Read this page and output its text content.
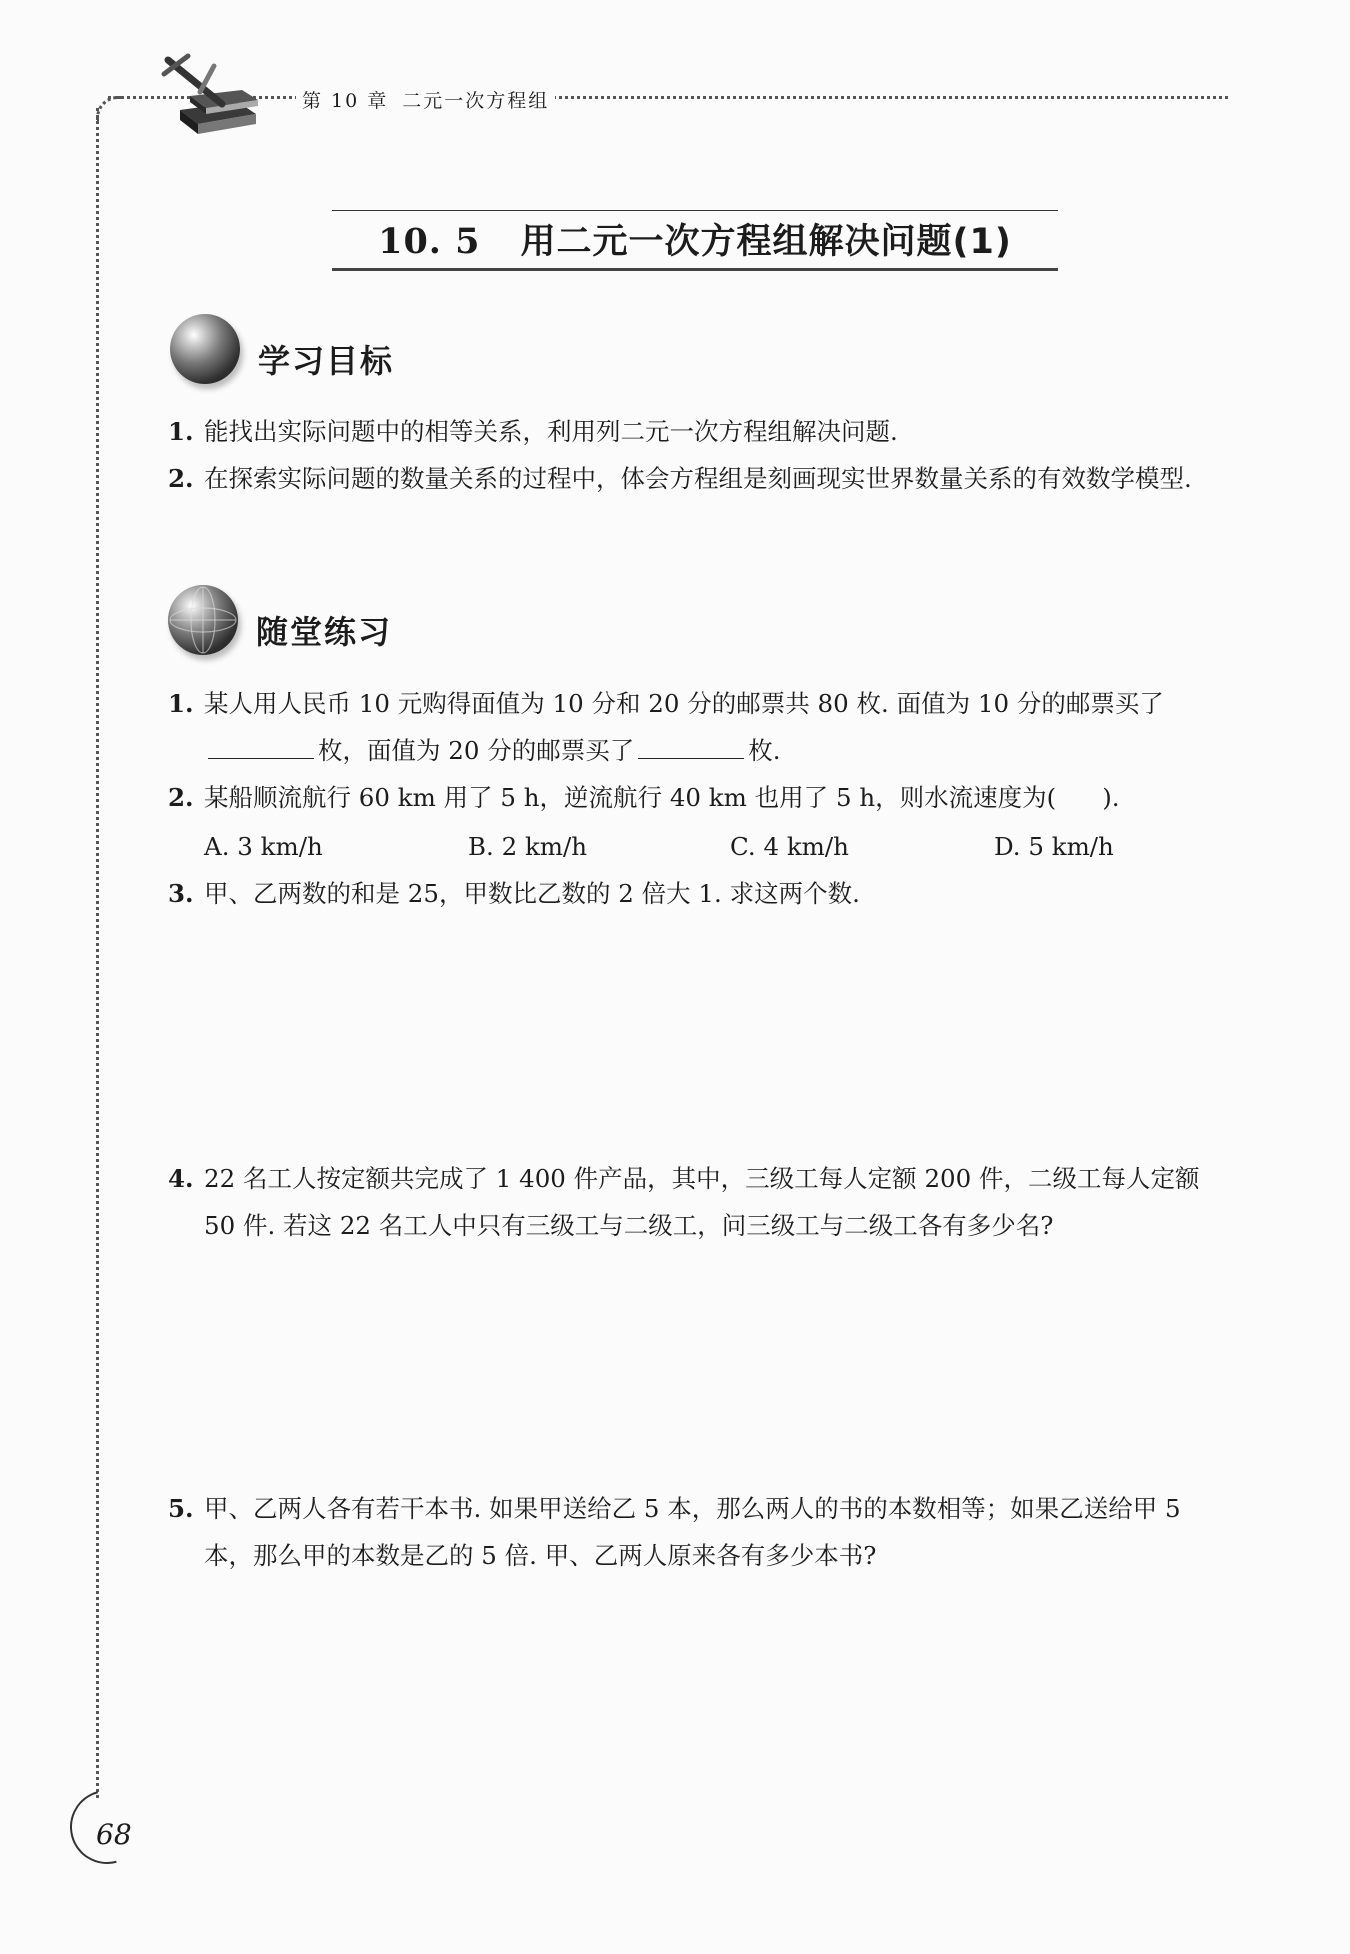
第 10 章 二元一次方程组
10. 5 用二元一次方程组解决问题(1)
学习目标
1. 能找出实际问题中的相等关系，利用列二元一次方程组解决问题.
2. 在探索实际问题的数量关系的过程中，体会方程组是刻画现实世界数量关系的有效数学模型.
随堂练习
1. 某人用人民币 10 元购得面值为 10 分和 20 分的邮票共 80 枚. 面值为 10 分的邮票买了
枚，面值为 20 分的邮票买了	枚.
2. 某船顺流航行 60 km 用了 5 h，逆流航行 40 km 也用了 5 h，则水流速度为( ).
A. 3 km/h	B. 2 km/h	C. 4 km/h	D. 5 km/h
3. 甲、乙两数的和是 25，甲数比乙数的 2 倍大 1. 求这两个数.
4. 22 名工人按定额共完成了 1 400 件产品，其中，三级工每人定额 200 件，二级工每人定额 50 件. 若这 22 名工人中只有三级工与二级工，问三级工与二级工各有多少名?
5. 甲、乙两人各有若干本书. 如果甲送给乙 5 本，那么两人的书的本数相等；如果乙送给甲 5 本，那么甲的本数是乙的 5 倍. 甲、乙两人原来各有多少本书?
68
